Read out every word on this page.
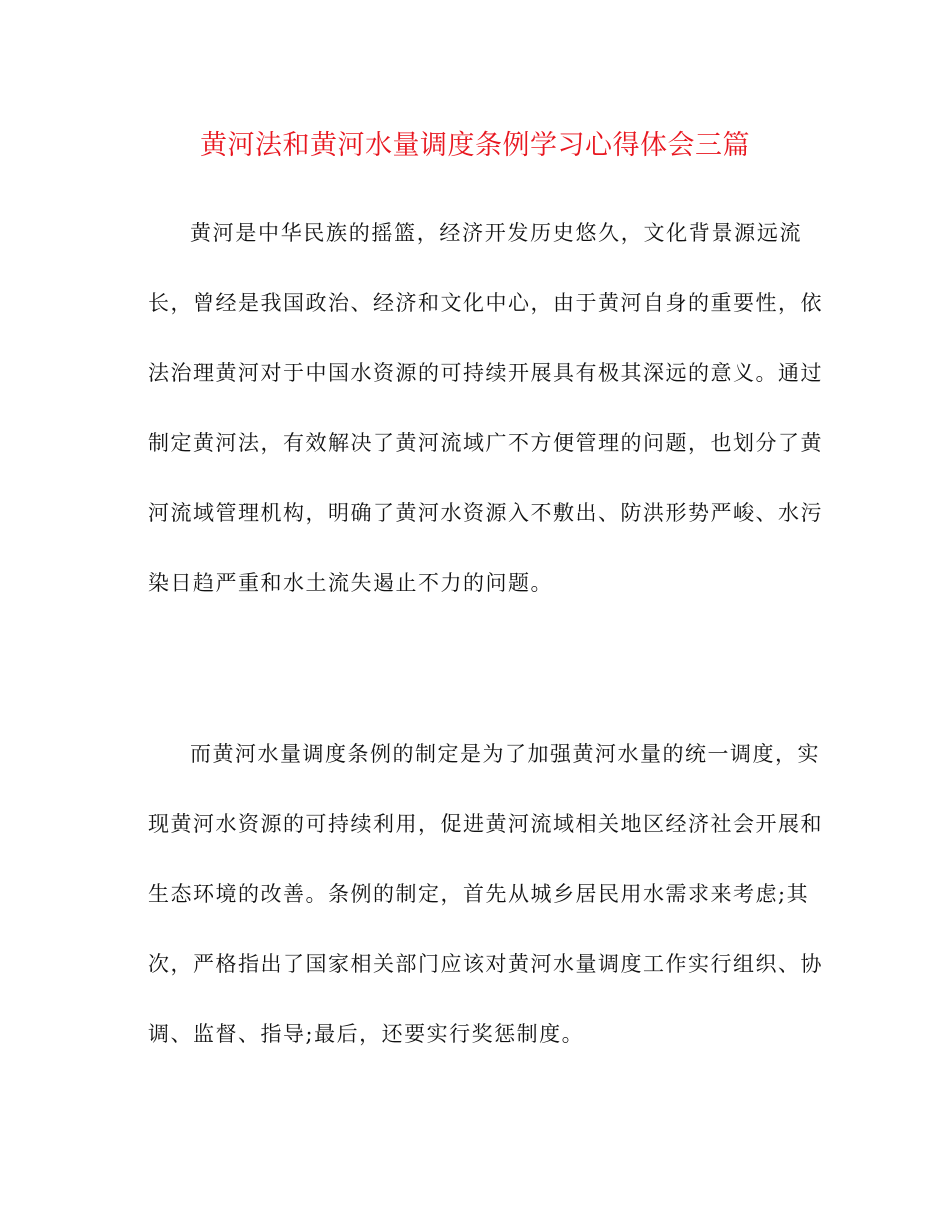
黄河法和黄河水量调度条例学习心得体会三篇

黄河是中华民族的摇篮，经济开发历史悠久，文化背景源远流
长，曾经是我国政治、经济和文化中心，由于黄河自身的重要性，依
法治理黄河对于中国水资源的可持续开展具有极其深远的意义。通过
制定黄河法，有效解决了黄河流域广不方便管理的问题，也划分了黄
河流域管理机构，明确了黄河水资源入不敷出、防洪形势严峻、水污
染日趋严重和水土流失遏止不力的问题。

而黄河水量调度条例的制定是为了加强黄河水量的统一调度，实
现黄河水资源的可持续利用，促进黄河流域相关地区经济社会开展和
生态环境的改善。条例的制定，首先从城乡居民用水需求来考虑;其
次，严格指出了国家相关部门应该对黄河水量调度工作实行组织、协
调、监督、指导;最后，还要实行奖惩制度。
